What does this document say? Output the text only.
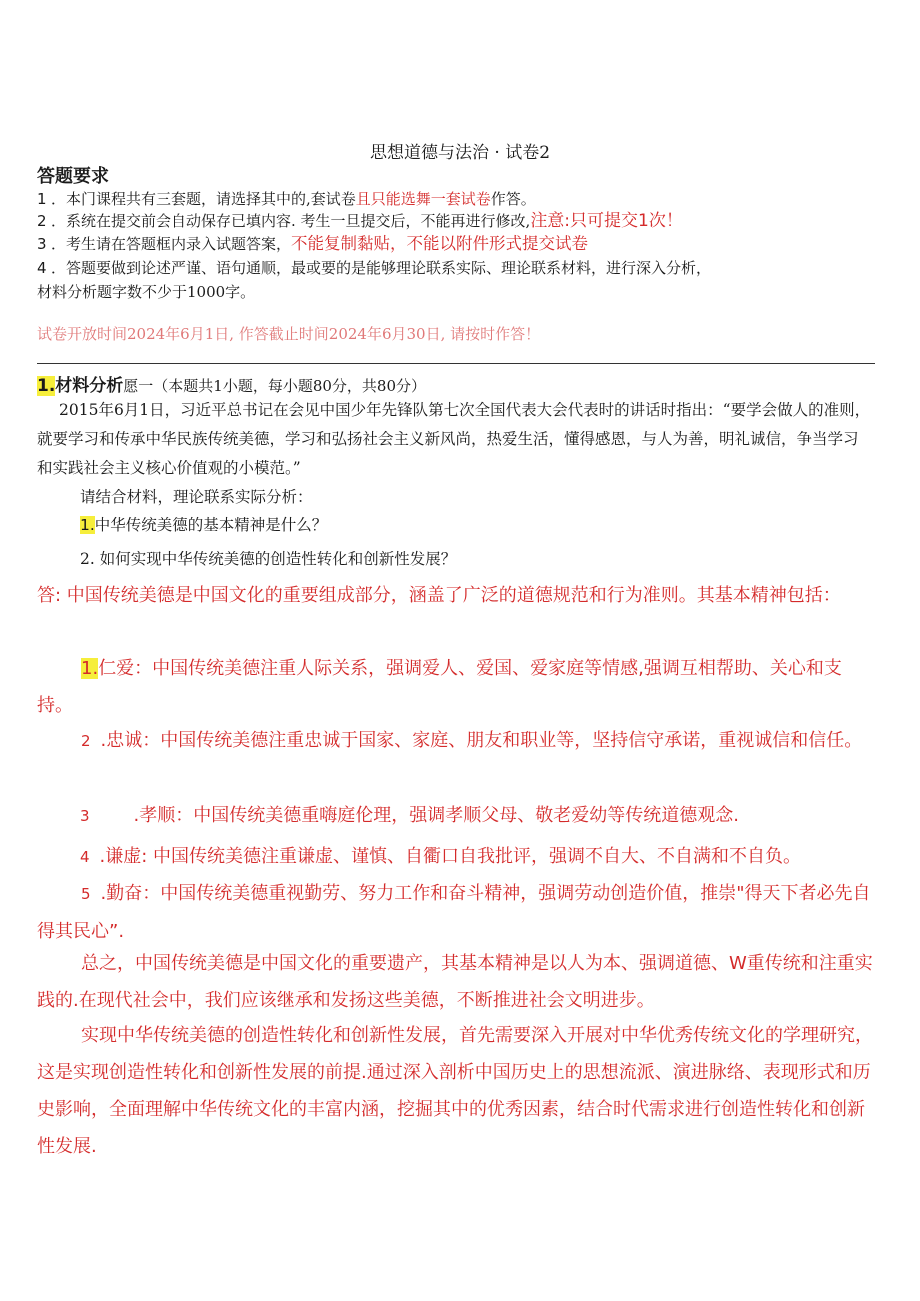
思想道德与法治 · 试卷2
答题要求
1 ．本门课程共有三套题，请选择其中的,套试卷且只能选舞一套试卷作答。
2 ．系统在提交前会自动保存已填内容. 考生一旦提交后，不能再进行修改,注意:只可提交1次！
3 ．考生请在答题框内录入试题答案，不能复制黏贴，不能以附件形式提交试卷
4 ．答题要做到论述严谨、语句通顺，最或要的是能够理论联系实际、理论联系材料，进行深入分析，
材料分析题字数不少于1000字。
试卷开放时间2024年6月1日, 作答截止时间2024年6月30日, 请按时作答！
1.材料分析愿一（本题共1小题，每小题80分，共80分）
2015年6月1日，习近平总书记在会见中国少年先锋队第七次全国代表大会代表时的讲话时指出：“要学会做人的准则，就要学习和传承中华民族传统美德，学习和弘扬社会主义新风尚，热爱生活，懂得感恩，与人为善，明礼诚信，争当学习和实践社会主义核心价值观的小模范。”
请结合材料，理论联系实际分析：
1.中华传统美德的基本精神是什么？
2. 如何实现中华传统美德的创造性转化和创新性发展？
答: 中国传统美德是中国文化的重要组成部分，涵盖了广泛的道德规范和行为准则。其基本精神包括：
1.仁爱：中国传统美德注重人际关系，强调爱人、爱国、爱家庭等情感,强调互相帮助、关心和支持。
2 .忠诚：中国传统美德注重忠诚于国家、家庭、朋友和职业等，坚持信守承诺，重视诚信和信任。
3 .孝顺：中国传统美德重嗨庭伦理，强调孝顺父母、敬老爱幼等传统道德观念.
4 .谦虚: 中国传统美德注重谦虚、谨慎、自衢口自我批评，强调不自大、不自满和不自负。
5 .勤奋：中国传统美德重视勤劳、努力工作和奋斗精神，强调劳动创造价值，推崇"得天下者必先自得其民心”.
总之，中国传统美德是中国文化的重要遗产，其基本精神是以人为本、强调道德、W重传统和注重实践的.在现代社会中，我们应该继承和发扬这些美德，不断推进社会文明进步。
实现中华传统美德的创造性转化和创新性发展，首先需要深入开展对中华优秀传统文化的学理研究，这是实现创造性转化和创新性发展的前提.通过深入剖析中国历史上的思想流派、演进脉络、表现形式和历史影响，全面理解中华传统文化的丰富内涵，挖掘其中的优秀因素，结合时代需求进行创造性转化和创新性发展.
